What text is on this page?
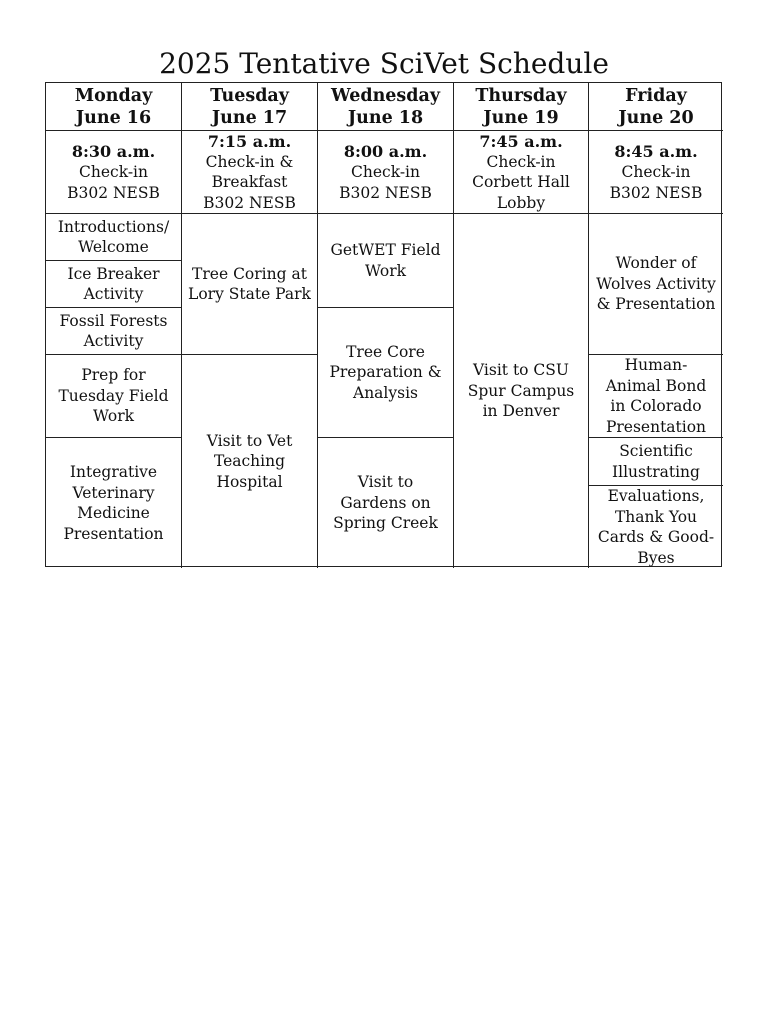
2025 Tentative SciVet Schedule
Monday
June 16
Tuesday
June 17
Wednesday
June 18
Thursday
June 19
Friday
June 20
8:30 a.m.
Check-in
B302 NESB
7:15 a.m.
Check-in &
Breakfast
B302 NESB
8:00 a.m.
Check-in
B302 NESB
7:45 a.m.
Check-in
Corbett Hall
Lobby
8:45 a.m.
Check-in
B302 NESB
Introductions/
Welcome
Ice Breaker
Activity
Fossil Forests
Activity
Prep for
Tuesday Field
Work
Integrative
Veterinary
Medicine
Presentation
Tree Coring at
Lory State Park
Visit to Vet
Teaching
Hospital
GetWET Field
Work
Tree Core
Preparation &
Analysis
Visit to
Gardens on
Spring Creek
Visit to CSU
Spur Campus
in Denver
Wonder of
Wolves Activity
& Presentation
Human-
Animal Bond
in Colorado
Presentation
Scientific
Illustrating
Evaluations,
Thank You
Cards & Good-
Byes
